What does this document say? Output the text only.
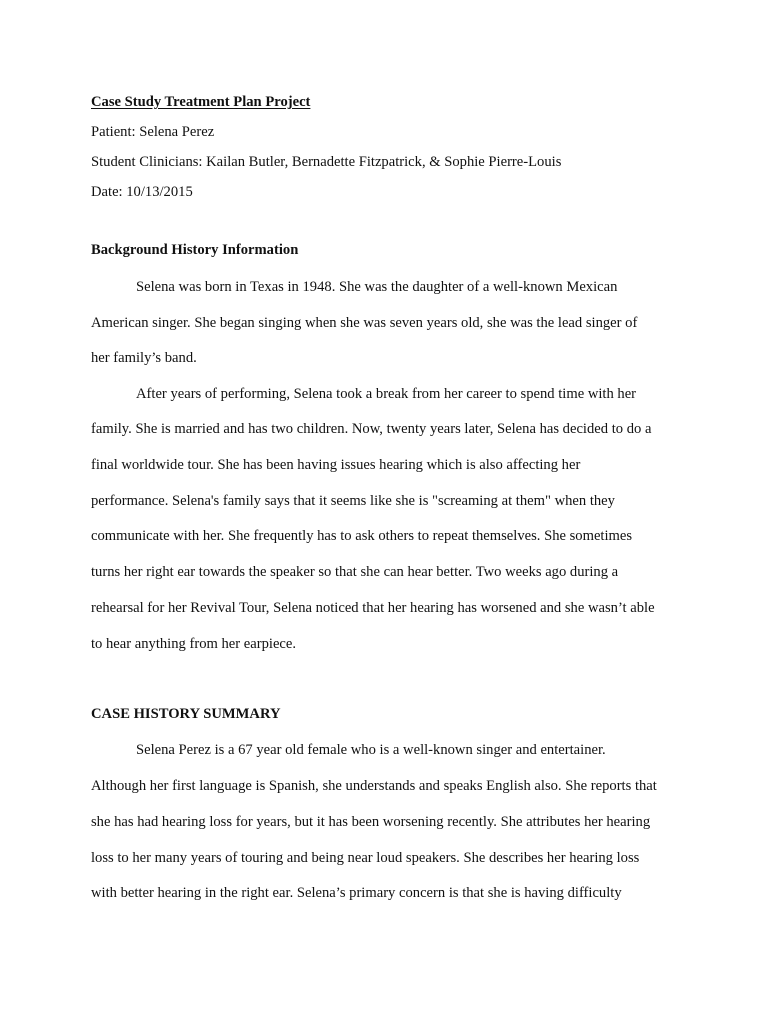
Case Study Treatment Plan Project

Patient: Selena Perez

Student Clinicians: Kailan Butler, Bernadette Fitzpatrick, & Sophie Pierre-Louis

Date: 10/13/2015

Background History Information

Selena was born in Texas in 1948. She was the daughter of a well-known Mexican

American singer. She began singing when she was seven years old, she was the lead singer of

her family’s band.

After years of performing, Selena took a break from her career to spend time with her

family. She is married and has two children. Now, twenty years later, Selena has decided to do a

final worldwide tour. She has been having issues hearing which is also affecting her

performance. Selena's family says that it seems like she is "screaming at them" when they

communicate with her. She frequently has to ask others to repeat themselves. She sometimes

turns her right ear towards the speaker so that she can hear better. Two weeks ago during a

rehearsal for her Revival Tour, Selena noticed that her hearing has worsened and she wasn’t able

to hear anything from her earpiece.

CASE HISTORY SUMMARY

Selena Perez is a 67 year old female who is a well-known singer and entertainer.

Although her first language is Spanish, she understands and speaks English also. She reports that

she has had hearing loss for years, but it has been worsening recently. She attributes her hearing

loss to her many years of touring and being near loud speakers. She describes her hearing loss

with better hearing in the right ear. Selena’s primary concern is that she is having difficulty
